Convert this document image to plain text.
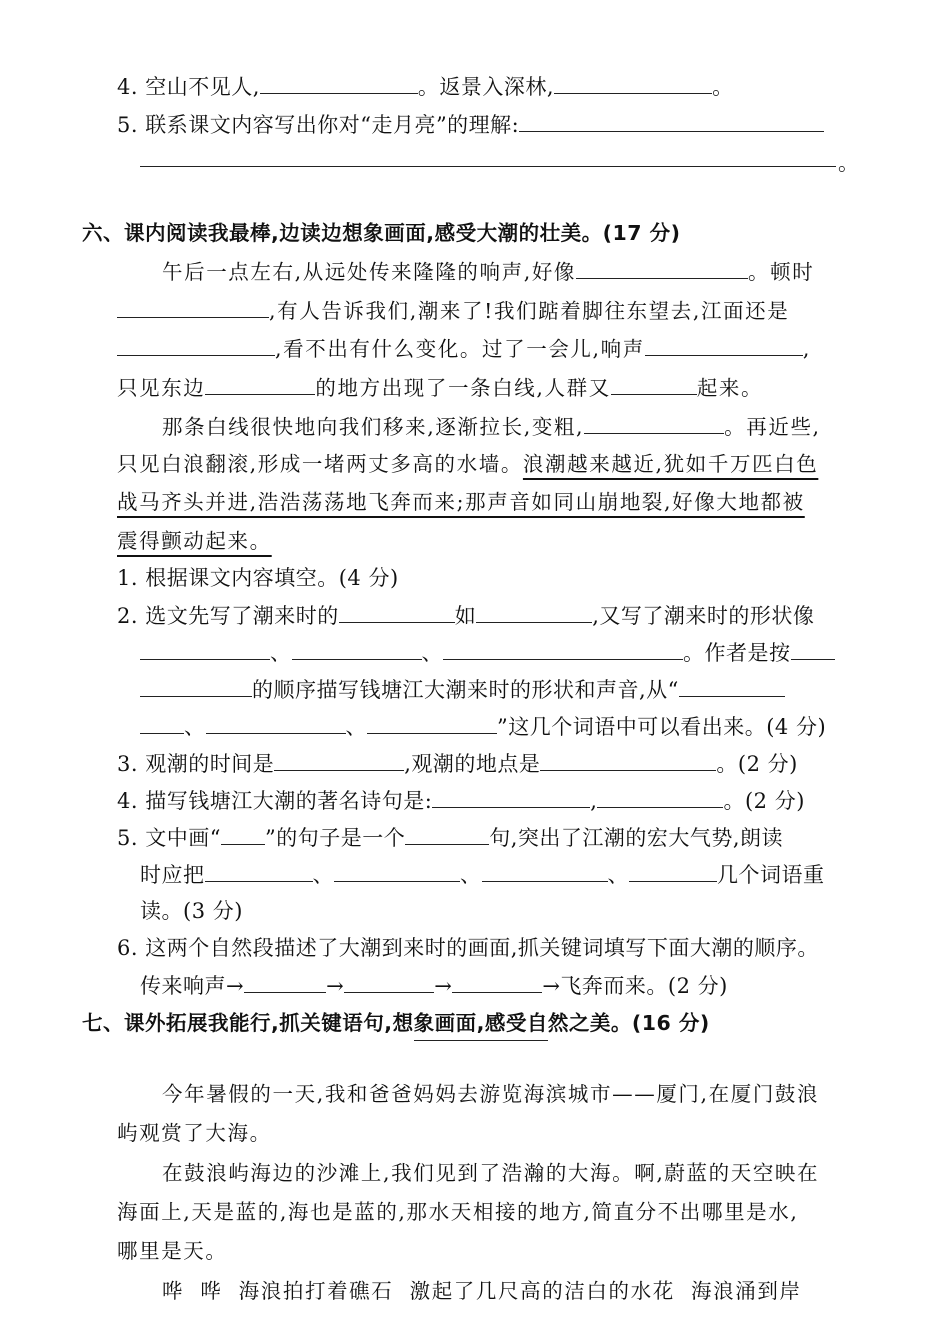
4. 空山不见人,	。返景入深林,	。
5. 联系课文内容写出你对“走月亮”的理解:
。
六、课内阅读我最棒,边读边想象画面,感受大潮的壮美。(17 分)
午后一点左右,从远处传来隆隆的响声,好像	。顿时
,有人告诉我们,潮来了!我们踮着脚往东望去,江面还是
,看不出有什么变化。过了一会儿,响声	,
只见东边	的地方出现了一条白线,人群又	起来。
那条白线很快地向我们移来,逐渐拉长,变粗,	。再近些,
只见白浪翻滚,形成一堵两丈多高的水墙。浪潮越来越近,犹如千万匹白色
战马齐头并进,浩浩荡荡地飞奔而来;那声音如同山崩地裂,好像大地都被
震得颤动起来。
1. 根据课文内容填空。(4 分)
2. 选文先写了潮来时的	如	,又写了潮来时的形状像
、	、	。作者是按
的顺序描写钱塘江大潮来时的形状和声音,从“
、	、	”这几个词语中可以看出来。(4 分)
3. 观潮的时间是	,观潮的地点是	。(2 分)
4. 描写钱塘江大潮的著名诗句是:	,	。(2 分)
5. 文中画“ ”的句子是一个	句,突出了江潮的宏大气势,朗读
时应把	、	、	、	几个词语重
读。(3 分)
6. 这两个自然段描述了大潮到来时的画面,抓关键词填写下面大潮的顺序。
传来响声→	→	→	→飞奔而来。(2 分)
七、课外拓展我能行,抓关键语句,想象画面,感受自然之美。(16 分)
今年暑假的一天,我和爸爸妈妈去游览海滨城市——厦门,在厦门鼓浪
屿观赏了大海。
在鼓浪屿海边的沙滩上,我们见到了浩瀚的大海。啊,蔚蓝的天空映在
海面上,天是蓝的,海也是蓝的,那水天相接的地方,简直分不出哪里是水,
哪里是天。
哗  哗  海浪拍打着礁石  激起了几尺高的洁白的水花  海浪涌到岸
